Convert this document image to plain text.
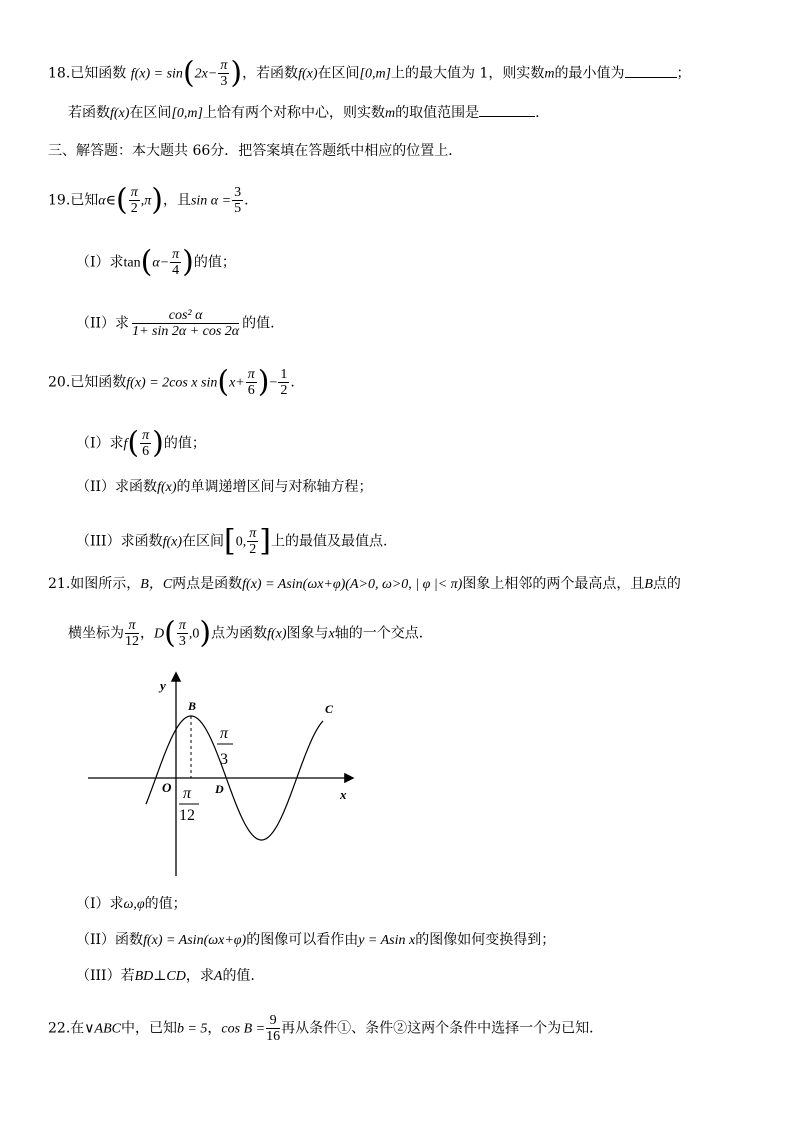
18.已知函数 $f(x) = \sin(2x- \frac{\pi}{3}$ )，若函数f(x)在区间[0,m]上的最大值为 1，则实数m的最小值为	；
若函数f(x)在区间[0,m]上恰有两个对称中心，则实数m的取值范围是	.
三、解答题：本大题共 66分．把答案填在答题纸中相应的位置上．
19.已知α∈( $\frac{\pi}{2} ,\pi$)，且$\sin \alpha = \frac{3}{5}$ .
（I）求$\tan(\alpha- \frac{\pi}{4}$ )的值；
（II）求 $\frac{\text{cos² α}}{1+ \sin 2\alpha + \cos 2\alpha}$ 的值.
20.已知函数f(x) = 2cos x $\sin(x+ \frac{\pi}{6}$ )− $\frac{1}{2}$ .
（I）求$f( \frac{\pi}{6}$ )的值；
（II）求函数f(x)的单调递增区间与对称轴方程；
（III）求函数f(x)在区间[0, $\frac{\pi}{2}$ ]上的最值及最值点.
21.如图所示，B，C两点是函数f(x) = Asin(ωx+φ)(A>0, ω>0, | φ |< π)图象上相邻的两个最高点，且B点的
横坐标为 $\frac{\pi}{12}$ ，$D( \frac{\pi}{3} ,0)$点为函数f(x)图象与x轴的一个交点．
y
x
O
B	C
D
π
3
π
12
（I）求ω,φ的值；
（II）函数f(x) = Asin(ωx+φ)的图像可以看作由y = Asin x的图像如何变换得到；
（III）若BD⊥CD，求A的值.
22.在∨ABC中，已知b = 5，$\cos B = \frac{9}{16}$ 再从条件①、条件②这两个条件中选择一个为已知．
